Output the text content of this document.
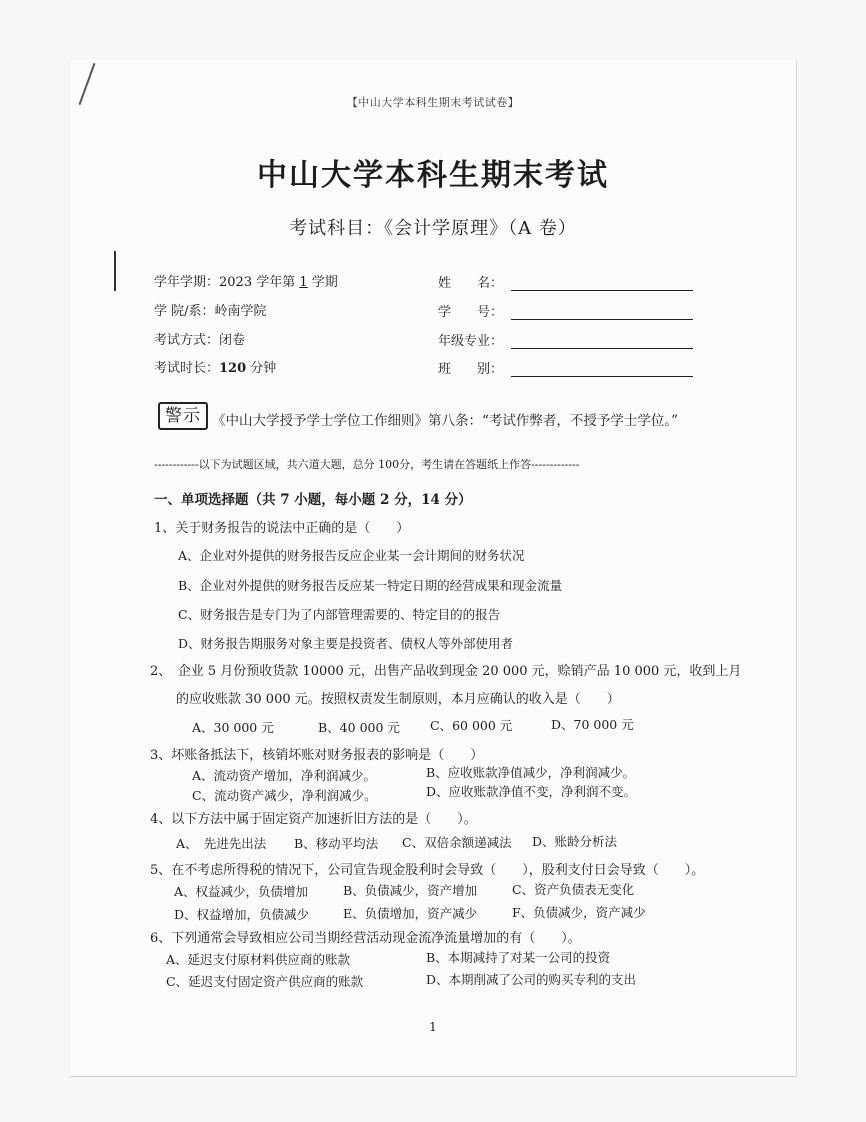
【中山大学本科生期末考试试卷】
中山大学本科生期末考试
考试科目：《会计学原理》（A 卷）
学年学期：2023 学年第 1 学期
学 院/系：岭南学院
考试方式：闭卷
考试时长：120 分钟
姓　　名：
学　　号：
年级专业：
班　　别：
警示 《中山大学授予学士学位工作细则》第八条：“考试作弊者，不授予学士学位。”
------------以下为试题区域，共六道大题，总分 100分，考生请在答题纸上作答-------------
一、单项选择题（共 7 小题，每小题 2 分，14 分）
1、关于财务报告的说法中正确的是（　　）
A、企业对外提供的财务报告反应企业某一会计期间的财务状况
B、企业对外提供的财务报告反应某一特定日期的经营成果和现金流量
C、财务报告是专门为了内部管理需要的、特定目的的报告
D、财务报告期服务对象主要是投资者、债权人等外部使用者
2、　企业 5 月份预收货款 10000 元，出售产品收到现金 20 000 元，赊销产品 10 000 元，收到上月
的应收账款 30 000 元。按照权责发生制原则，本月应确认的收入是（　　）
A、30 000 元	B、40 000 元 C、60 000 元	D、70 000 元
3、坏账备抵法下，核销坏账对财务报表的影响是（　　）
A、流动资产增加，净利润减少。	B、应收账款净值减少，净利润减少。
C、流动资产减少，净利润减少。	D、应收账款净值不变，净利润不变。
4、以下方法中属于固定资产加速折旧方法的是（　　）。
A、　先进先出法 B、移动平均法 C、双倍余额递减法 D、账龄分析法
5、在不考虑所得税的情况下，公司宣告现金股利时会导致（　　），股利支付日会导致（　　）。
A、权益减少，负债增加	B、负债减少，资产增加	C、资产负债表无变化
D、权益增加，负债减少	E、负债增加，资产减少	F、负债减少，资产减少
6、下列通常会导致相应公司当期经营活动现金流净流量增加的有（　　）。
A、延迟支付原材料供应商的账款	B、本期减持了对某一公司的投资
C、延迟支付固定资产供应商的账款	D、本期削减了公司的购买专利的支出
1
